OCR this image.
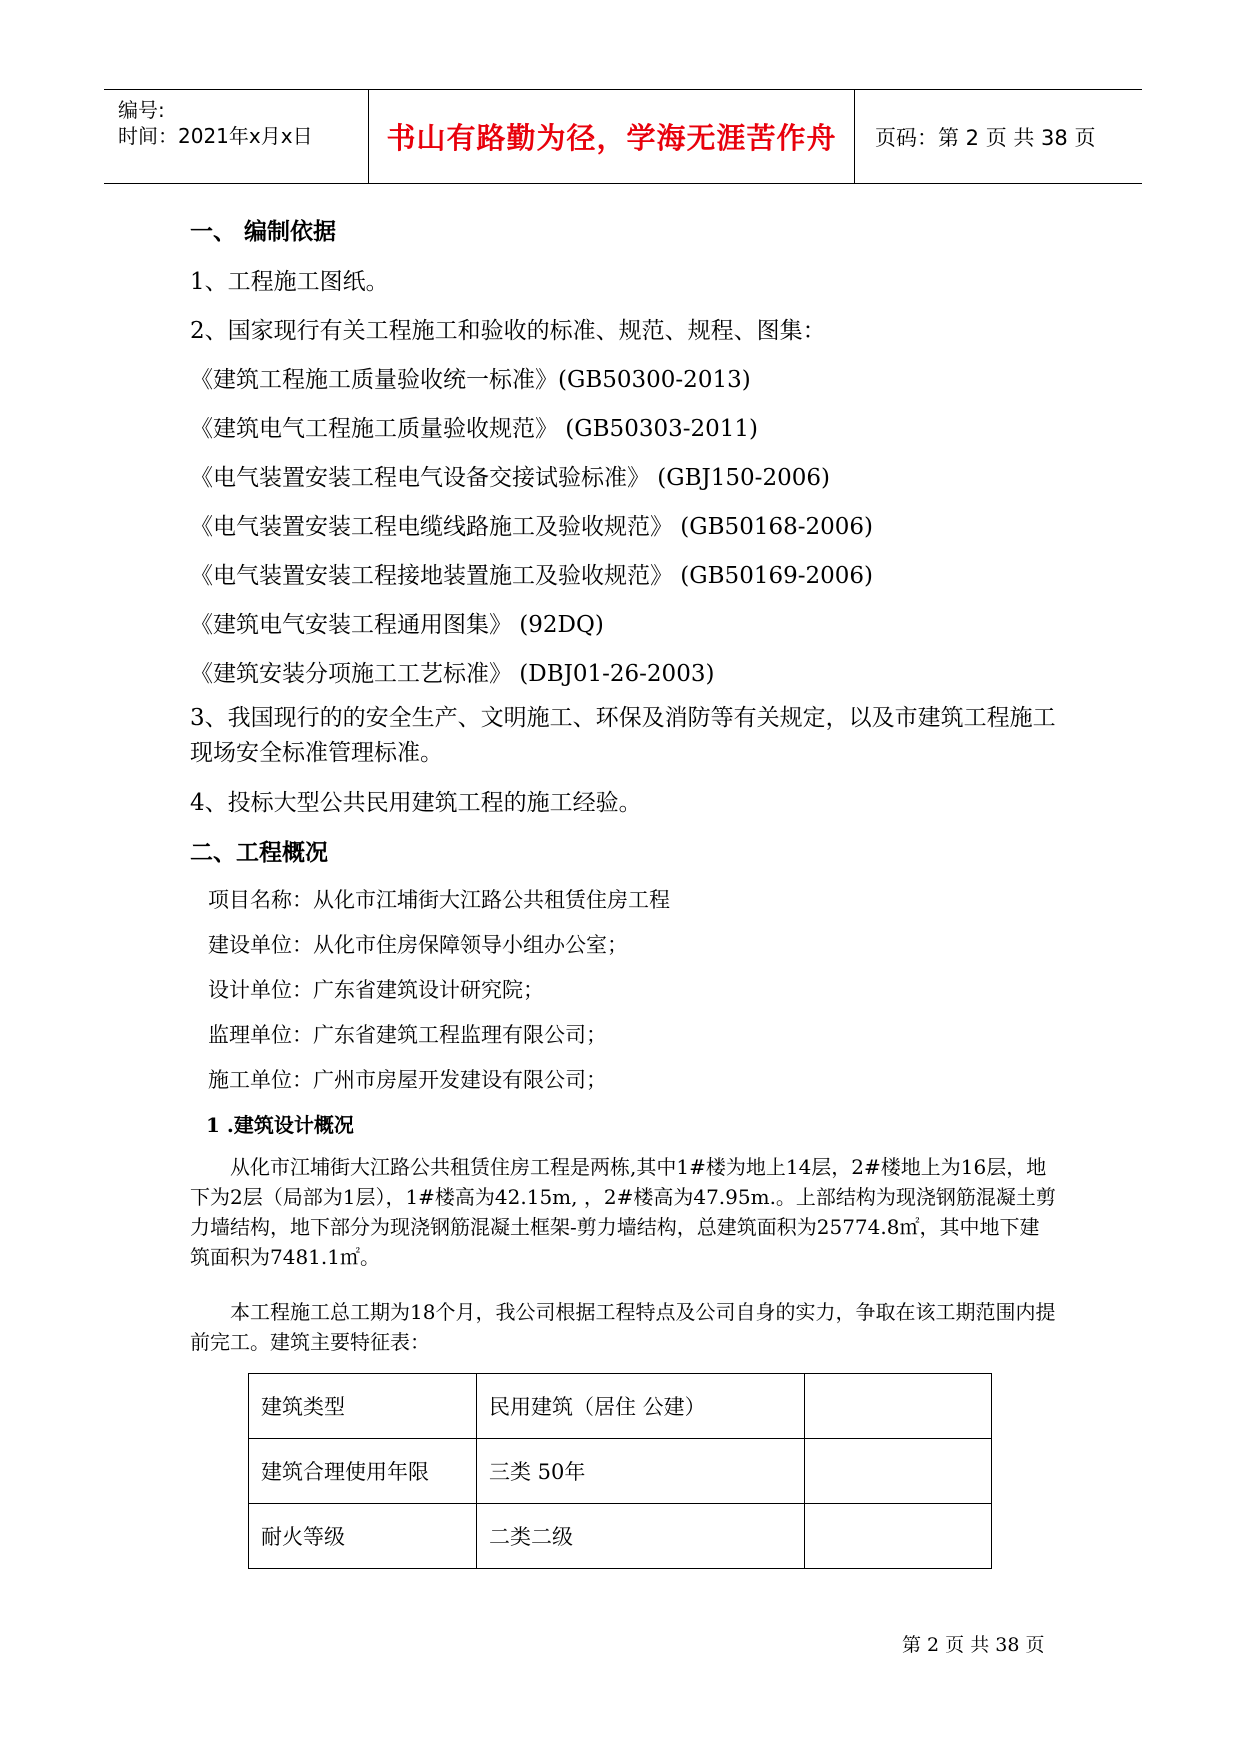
编号:
时间：2021年x月x日	书山有路勤为径，学海无涯苦作舟 页码：第 2 页 共 38 页
一、 编制依据
1、工程施工图纸。
2、国家现行有关工程施工和验收的标准、规范、规程、图集：
《建筑工程施工质量验收统一标准》(GB50300-2013)
《建筑电气工程施工质量验收规范》 (GB50303-2011)
《电气装置安装工程电气设备交接试验标准》 (GBJ150-2006)
《电气装置安装工程电缆线路施工及验收规范》 (GB50168-2006)
《电气装置安装工程接地装置施工及验收规范》 (GB50169-2006)
《建筑电气安装工程通用图集》 (92DQ)
《建筑安装分项施工工艺标准》 (DBJ01-26-2003)
3、我国现行的的安全生产、文明施工、环保及消防等有关规定，以及市建筑工程施工现场安全标准管理标准。
4、投标大型公共民用建筑工程的施工经验。
二、工程概况
项目名称：从化市江埔街大江路公共租赁住房工程
建设单位：从化市住房保障领导小组办公室；
设计单位：广东省建筑设计研究院；
监理单位：广东省建筑工程监理有限公司；
施工单位：广州市房屋开发建设有限公司；
1 .建筑设计概况
从化市江埔街大江路公共租赁住房工程是两栋,其中1#楼为地上14层，2#楼地上为16层，地下为2层（局部为1层），1#楼高为42.15m, ，2#楼高为47.95m.。上部结构为现浇钢筋混凝土剪力墙结构，地下部分为现浇钢筋混凝土框架-剪力墙结构，总建筑面积为25774.8㎡，其中地下建筑面积为7481.1㎡。
本工程施工总工期为18个月，我公司根据工程特点及公司自身的实力，争取在该工期范围内提前完工。建筑主要特征表：
建筑类型	民用建筑（居住 公建）	
建筑合理使用年限	三类 50年	
耐火等级	二类二级	
第 2 页 共 38 页
